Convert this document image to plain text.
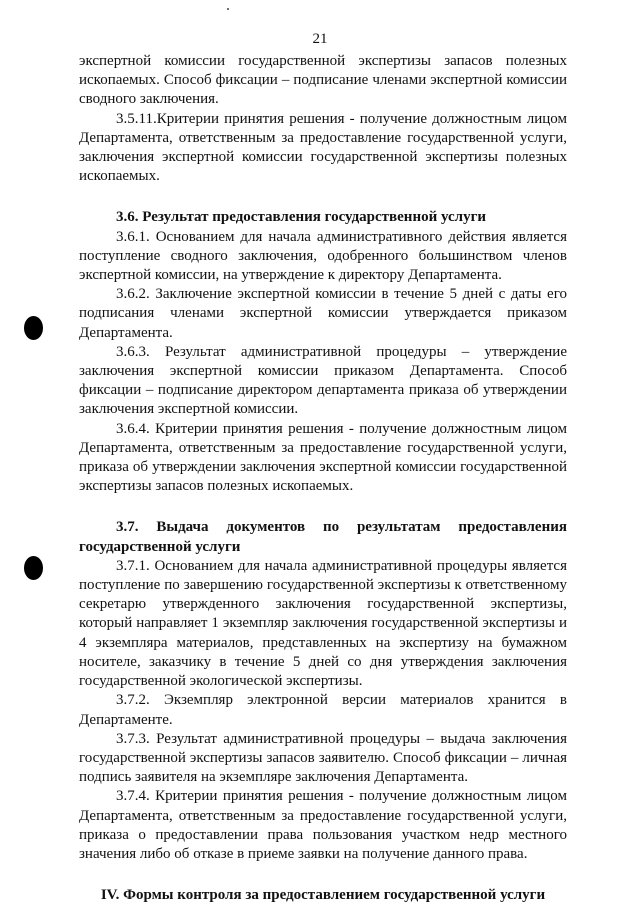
21

экспертной комиссии государственной экспертизы запасов полезных ископаемых. Способ фиксации – подписание членами экспертной комиссии сводного заключения.

3.5.11.Критерии принятия решения - получение должностным лицом Департамента, ответственным за предоставление государственной услуги, заключения экспертной комиссии государственной экспертизы полезных ископаемых.

3.6. Результат предоставления государственной услуги

3.6.1. Основанием для начала административного действия является поступление сводного заключения, одобренного большинством членов экспертной комиссии, на утверждение к директору Департамента.

3.6.2. Заключение экспертной комиссии в течение 5 дней с даты его подписания членами экспертной комиссии утверждается приказом Департамента.

3.6.3. Результат административной процедуры – утверждение заключения экспертной комиссии приказом Департамента. Способ фиксации – подписание директором департамента приказа об утверждении заключения экспертной комиссии.

3.6.4. Критерии принятия решения - получение должностным лицом Департамента, ответственным за предоставление государственной услуги, приказа об утверждении заключения экспертной комиссии государственной экспертизы запасов полезных ископаемых.

3.7. Выдача документов по результатам предоставления государственной услуги

3.7.1. Основанием для начала административной процедуры является поступление по завершению государственной экспертизы к ответственному секретарю утвержденного заключения государственной экспертизы, который направляет 1 экземпляр заключения государственной экспертизы и 4 экземпляра материалов, представленных на экспертизу на бумажном носителе, заказчику в течение 5 дней со дня утверждения заключения государственной экологической экспертизы.

3.7.2. Экземпляр электронной версии материалов хранится в Департаменте.

3.7.3. Результат административной процедуры – выдача заключения государственной экспертизы запасов заявителю. Способ фиксации – личная подпись заявителя на экземпляре заключения Департамента.

3.7.4. Критерии принятия решения - получение должностным лицом Департамента, ответственным за предоставление государственной услуги, приказа о предоставлении права пользования участком недр местного значения либо об отказе в приеме заявки на получение данного права.

IV. Формы контроля за предоставлением государственной услуги
